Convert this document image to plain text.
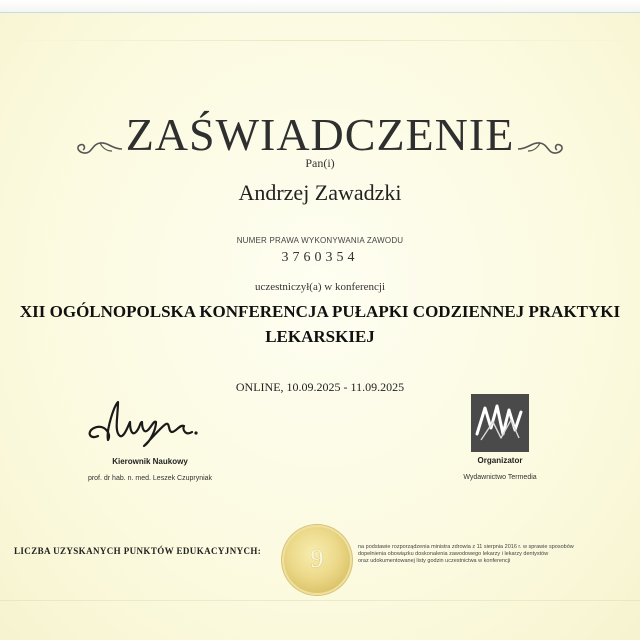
ZAŚWIADCZENIE
Pan(i)
Andrzej Zawadzki
NUMER PRAWA WYKONYWANIA ZAWODU
3760354
uczestniczył(a) w konferencji
XII OGÓLNOPOLSKA KONFERENCJA PUŁAPKI CODZIENNEJ PRAKTYKI
LEKARSKIEJ
ONLINE, 10.09.2025 - 11.09.2025
Kierownik Naukowy
prof. dr hab. n. med. Leszek Czupryniak
Organizator
Wydawnictwo Termedia
LICZBA UZYSKANYCH PUNKTÓW EDUKACYJNYCH:	9	na podstawie rozporządzenia ministra zdrowia z 11 sierpnia 2016 r. w sprawie sposobów
dopełnienia obowiązku doskonalenia zawodowego lekarzy i lekarzy dentystów
oraz udokumentowanej listy godzin uczestnictwa w konferencji
